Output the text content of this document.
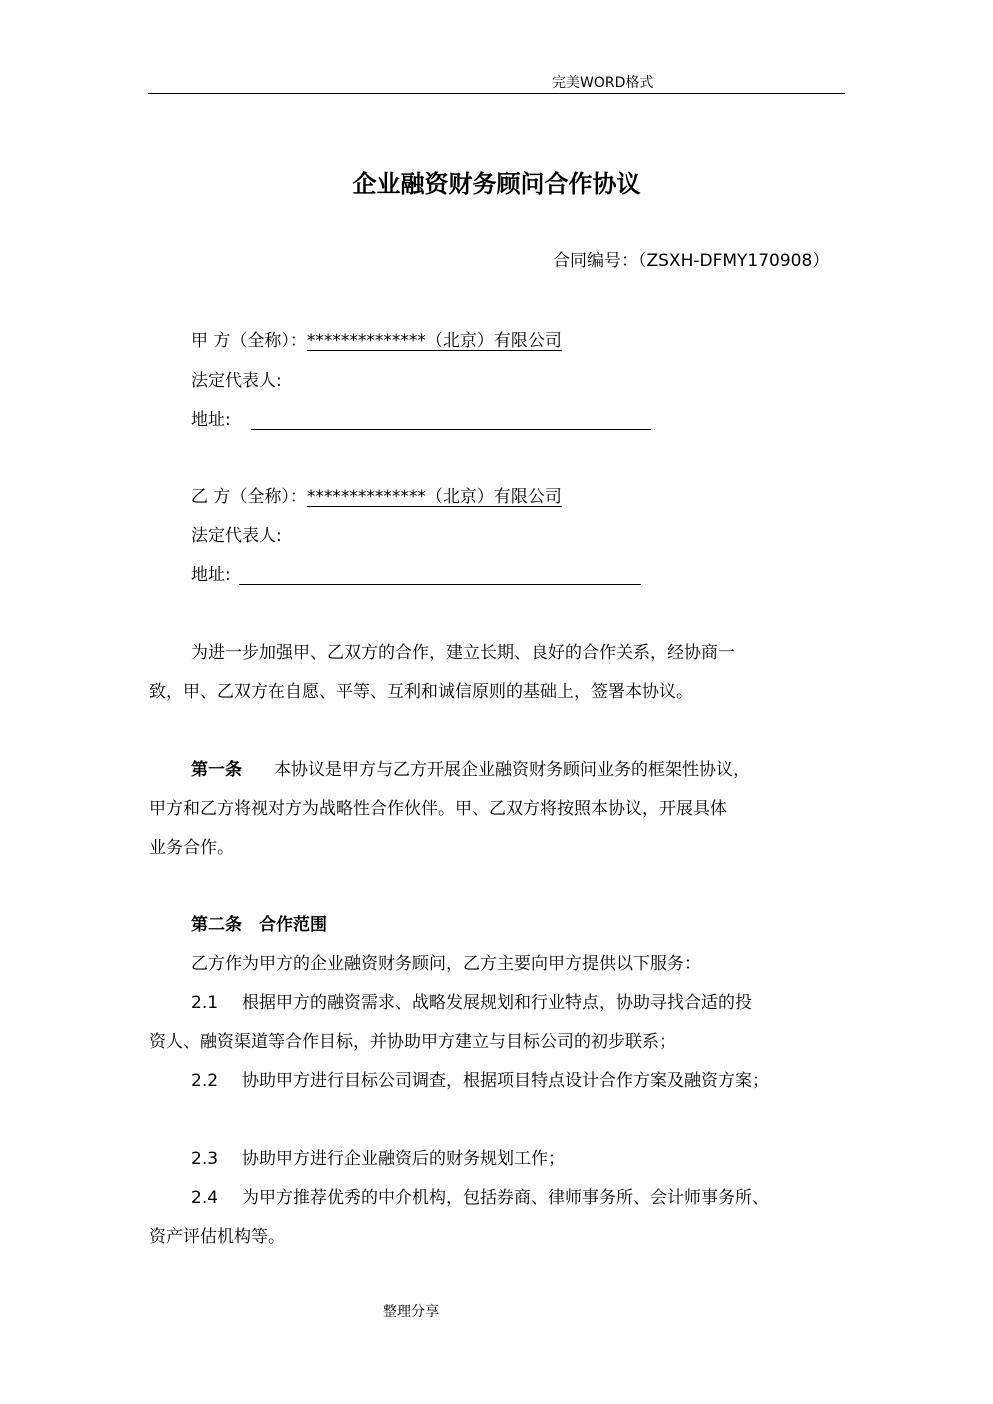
完美WORD格式
企业融资财务顾问合作协议
合同编号：（ZSXH-DFMY170908）
甲 方（全称）：**************（北京）有限公司
法定代表人:
地址:
乙 方（全称）：**************（北京）有限公司
法定代表人:
地址:
为进一步加强甲、乙双方的合作，建立长期、良好的合作关系，经协商一
致，甲、乙双方在自愿、平等、互利和诚信原则的基础上，签署本协议。
第一条 本协议是甲方与乙方开展企业融资财务顾问业务的框架性协议，
甲方和乙方将视对方为战略性合作伙伴。甲、乙双方将按照本协议，开展具体
业务合作。
第二条　合作范围
乙方作为甲方的企业融资财务顾问，乙方主要向甲方提供以下服务：
2.1 根据甲方的融资需求、战略发展规划和行业特点，协助寻找合适的投
资人、融资渠道等合作目标，并协助甲方建立与目标公司的初步联系；
2.2 协助甲方进行目标公司调查，根据项目特点设计合作方案及融资方案；
2.3 协助甲方进行企业融资后的财务规划工作；
2.4 为甲方推荐优秀的中介机构，包括券商、律师事务所、会计师事务所、
资产评估机构等。
整理分享
